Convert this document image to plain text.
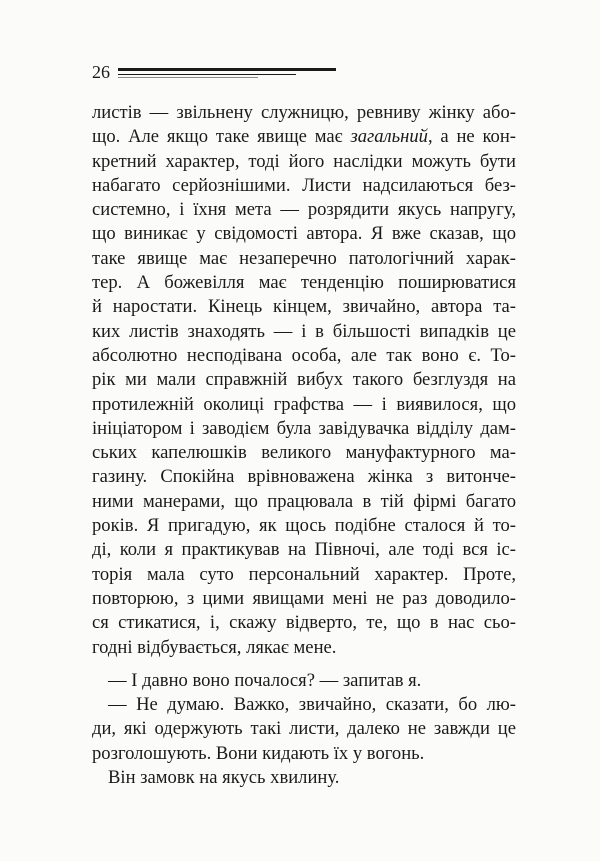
26
листів — звільнену служницю, ревниву жінку або-
що. Але якщо таке явище має загальний, а не кон-
кретний характер, тоді його наслідки можуть бути
набагато серйознішими. Листи надсилаються без-
системно, і їхня мета — розрядити якусь напругу,
що виникає у свідомості автора. Я вже сказав, що
таке явище має незаперечно патологічний харак-
тер. А божевілля має тенденцію поширюватися
й наростати. Кінець кінцем, звичайно, автора та-
ких листів знаходять — і в більшості випадків це
абсолютно несподівана особа, але так воно є. То-
рік ми мали справжній вибух такого безглуздя на
протилежній околиці графства — і виявилося, що
ініціатором і заводієм була завідувачка відділу дам-
ських капелюшків великого мануфактурного ма-
газину. Спокійна врівноважена жінка з витонче-
ними манерами, що працювала в тій фірмі багато
років. Я пригадую, як щось подібне сталося й то-
ді, коли я практикував на Півночі, але тоді вся іс-
торія мала суто персональний характер. Проте,
повторюю, з цими явищами мені не раз доводило-
ся стикатися, і, скажу відверто, те, що в нас сьо-
годні відбувається, лякає мене.
— І давно воно почалося? — запитав я.
— Не думаю. Важко, звичайно, сказати, бо лю-
ди, які одержують такі листи, далеко не завжди це
розголошують. Вони кидають їх у вогонь.
Він замовк на якусь хвилину.
